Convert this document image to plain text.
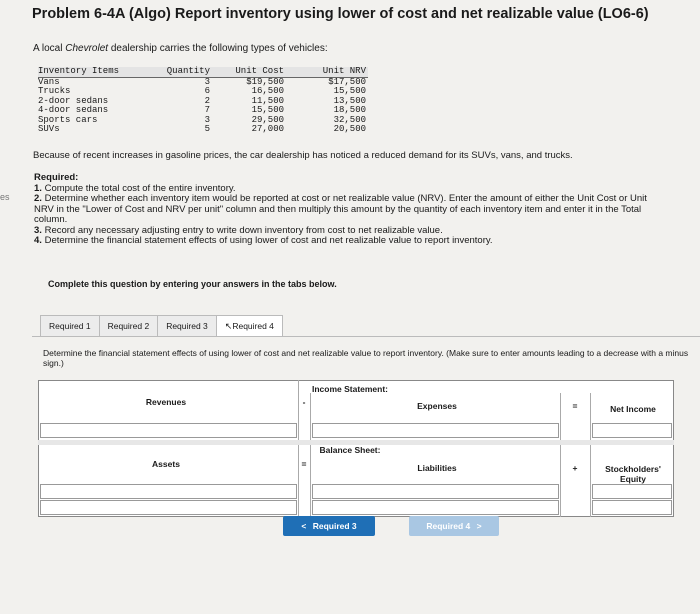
Problem 6-4A (Algo) Report inventory using lower of cost and net realizable value (LO6-6)
es
A local Chevrolet dealership carries the following types of vehicles:
Inventory Items	Quantity	Unit Cost	Unit NRV
Vans	3	$19,500	$17,500
Trucks	6	16,500	15,500
2-door sedans	2	11,500	13,500
4-door sedans	7	15,500	18,500
Sports cars	3	29,500	32,500
SUVs	5	27,000	20,500
Because of recent increases in gasoline prices, the car dealership has noticed a reduced demand for its SUVs, vans, and trucks.
Required:
1. Compute the total cost of the entire inventory.
2. Determine whether each inventory item would be reported at cost or net realizable value (NRV). Enter the amount of either the Unit Cost or Unit NRV in the "Lower of Cost and NRV per unit" column and then multiply this amount by the quantity of each inventory item and enter it in the Total column.
3. Record any necessary adjusting entry to write down inventory from cost to net realizable value.
4. Determine the financial statement effects of using lower of cost and net realizable value to report inventory.
Complete this question by entering your answers in the tabs below.
Required 1	Required 2	Required 3	↖Required 4
Determine the financial statement effects of using lower of cost and net realizable value to report inventory. (Make sure to enter amounts leading to a decrease with a minus sign.)
Income Statement:
Revenues	-	Expenses	=	Net Income
Balance Sheet:
Assets	=	Liabilities	+	Stockholders' Equity
< Required 3	Required 4 >
